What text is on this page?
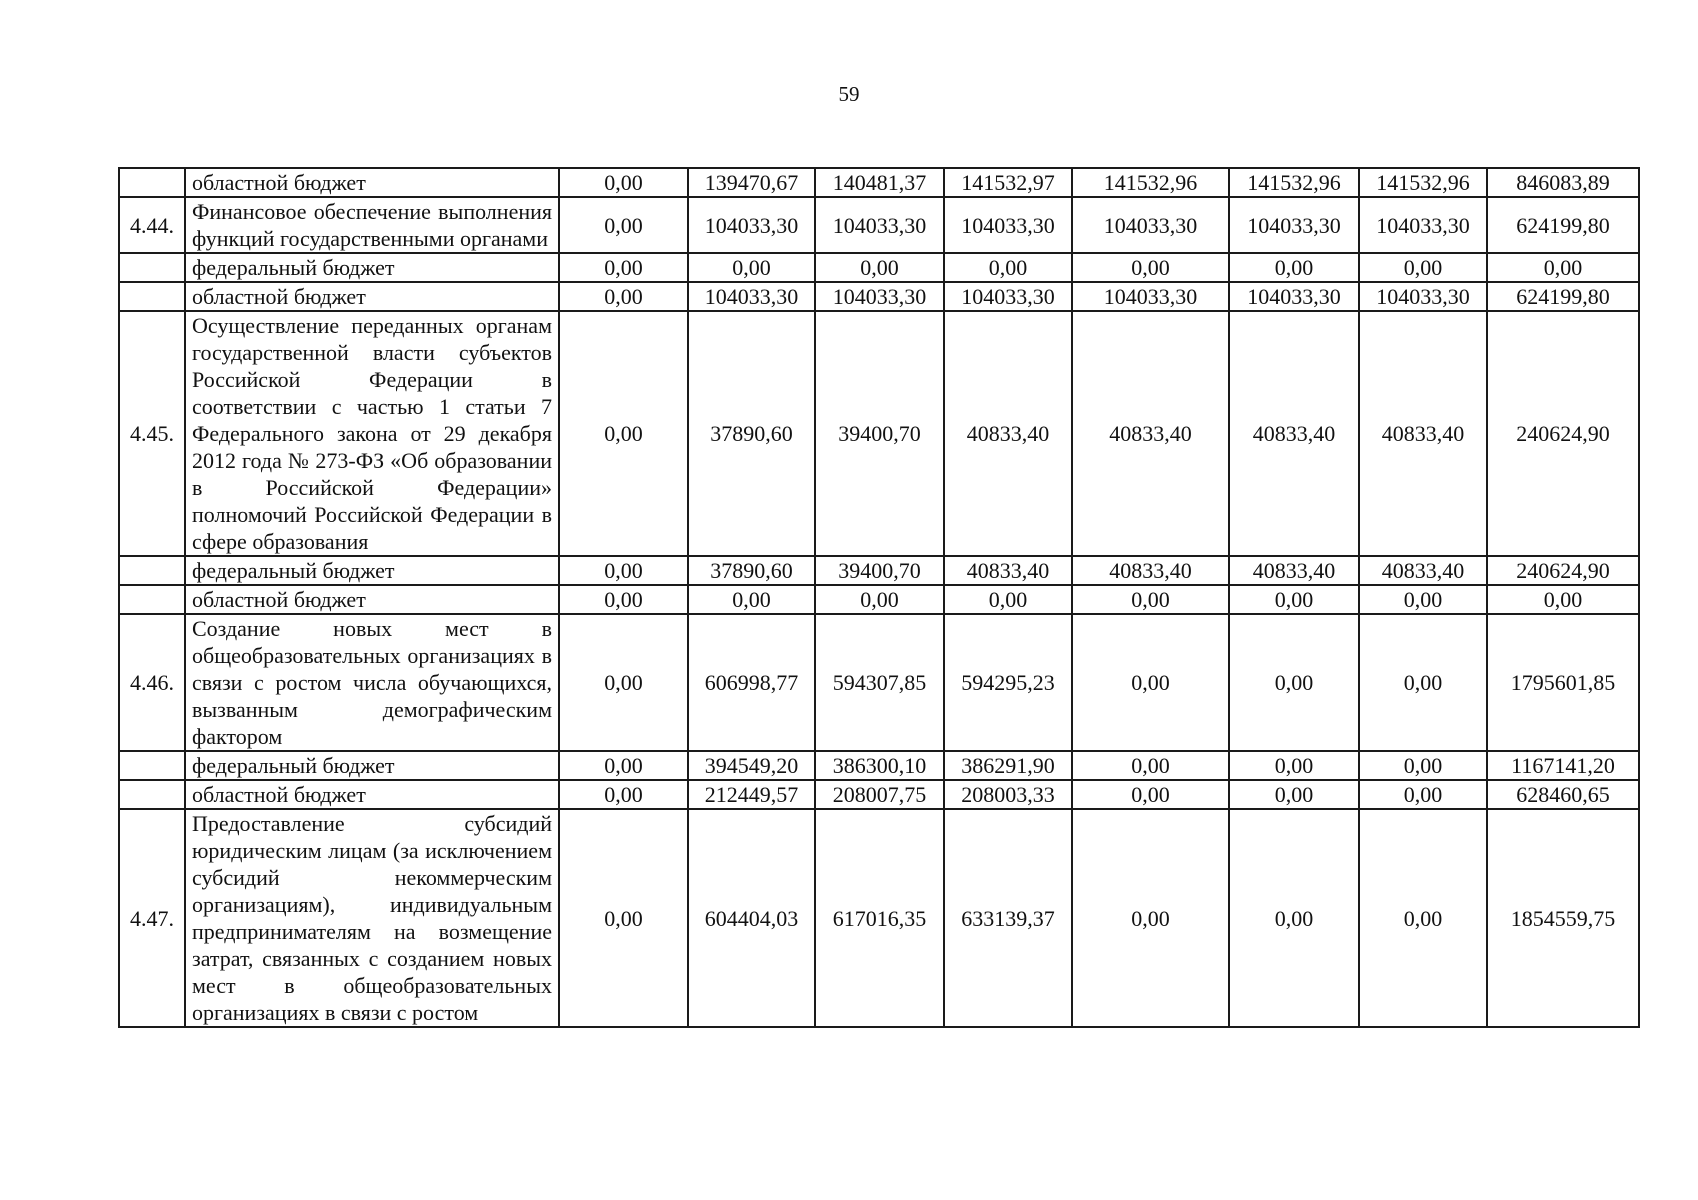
59
	областной бюджет	0,00	139470,67	140481,37	141532,97	141532,96	141532,96	141532,96	846083,89
4.44.	Финансовое обеспечение выполнения функций государственными органами	0,00	104033,30	104033,30	104033,30	104033,30	104033,30	104033,30	624199,80
	федеральный бюджет	0,00	0,00	0,00	0,00	0,00	0,00	0,00	0,00
	областной бюджет	0,00	104033,30	104033,30	104033,30	104033,30	104033,30	104033,30	624199,80
4.45.	Осуществление переданных органам государственной власти субъектов Российской Федерации в соответствии с частью 1 статьи 7 Федерального закона от 29 декабря 2012 года № 273-ФЗ «Об образовании в Российской Федерации» полномочий Российской Федерации в сфере образования	0,00	37890,60	39400,70	40833,40	40833,40	40833,40	40833,40	240624,90
	федеральный бюджет	0,00	37890,60	39400,70	40833,40	40833,40	40833,40	40833,40	240624,90
	областной бюджет	0,00	0,00	0,00	0,00	0,00	0,00	0,00	0,00
4.46.	Создание новых мест в общеобразовательных организациях в связи с ростом числа обучающихся, вызванным демографическим фактором	0,00	606998,77	594307,85	594295,23	0,00	0,00	0,00	1795601,85
	федеральный бюджет	0,00	394549,20	386300,10	386291,90	0,00	0,00	0,00	1167141,20
	областной бюджет	0,00	212449,57	208007,75	208003,33	0,00	0,00	0,00	628460,65
4.47.	Предоставление субсидий юридическим лицам (за исключением субсидий некоммерческим организациям), индивидуальным предпринимателям на возмещение затрат, связанных с созданием новых мест в общеобразовательных организациях в связи с ростом	0,00	604404,03	617016,35	633139,37	0,00	0,00	0,00	1854559,75
